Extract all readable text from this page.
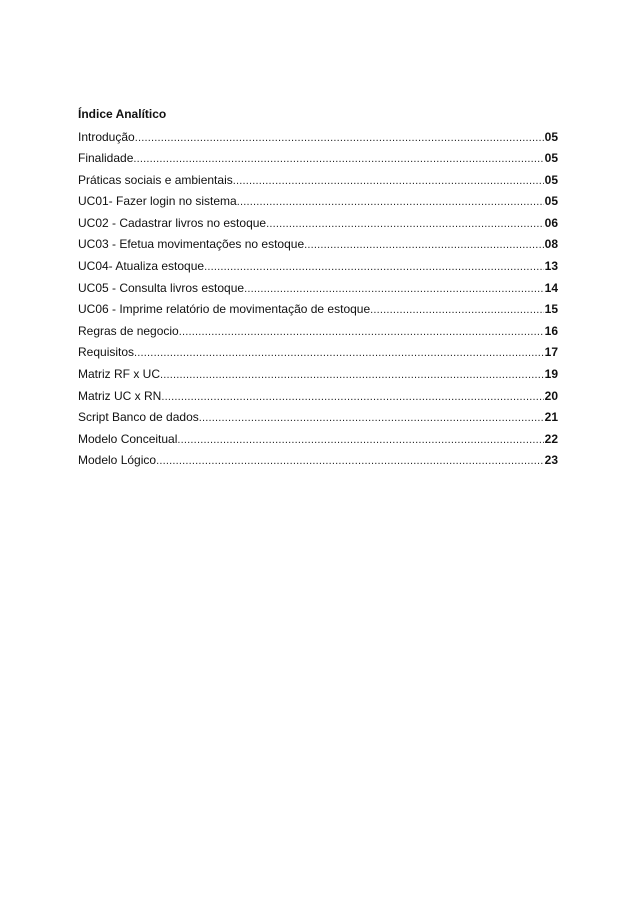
Índice Analítico
Introdução .....	05
Finalidade .....	05
Práticas sociais e ambientais .....	05
UC01- Fazer login no sistema .....	05
UC02 - Cadastrar livros no estoque .....	06
UC03 - Efetua movimentações no estoque .....	08
UC04- Atualiza estoque .....	13
UC05 - Consulta livros estoque .....	14
UC06 - Imprime relatório de movimentação de estoque .....	15
Regras de negocio .....	16
Requisitos .....	17
Matriz RF x UC .....	19
Matriz UC x RN .....	20
Script Banco de dados .....	21
Modelo Conceitual .....	22
Modelo Lógico .....	23
